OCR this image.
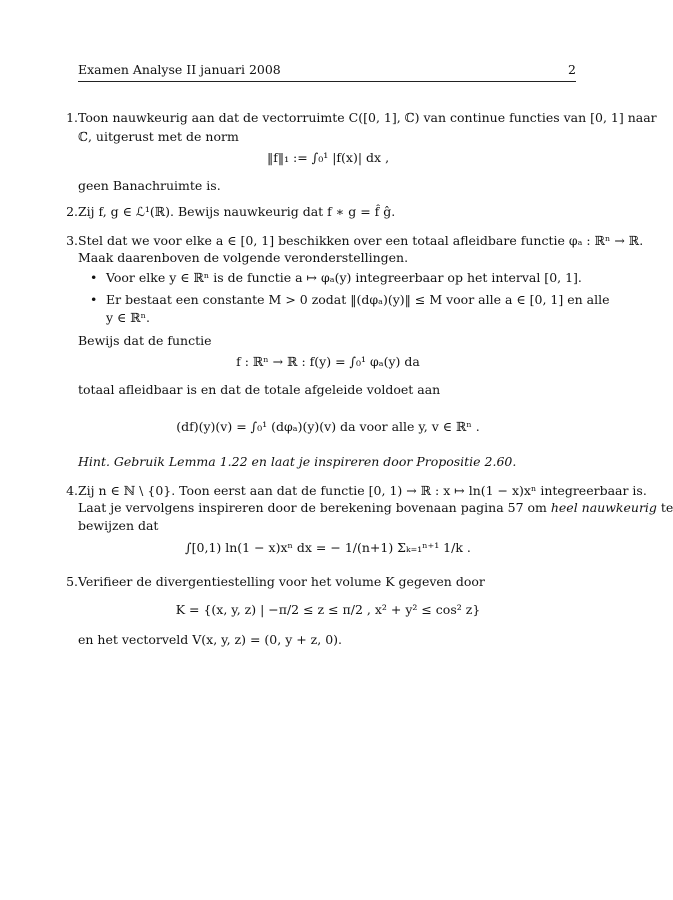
Examen Analyse II januari 2008	2
1. Toon nauwkeurig aan dat de vectorruimte C([0, 1], ℂ) van continue functies van [0, 1] naar
ℂ, uitgerust met de norm
‖f‖₁ := ∫₀¹ |f(x)| dx ,
geen Banachruimte is.
2. Zij f, g ∈ ℒ¹(ℝ). Bewijs nauwkeurig dat f ∗ g = f̂ ĝ.
3. Stel dat we voor elke a ∈ [0, 1] beschikken over een totaal afleidbare functie φₐ : ℝⁿ → ℝ.
Maak daarenboven de volgende veronderstellingen.
• Voor elke y ∈ ℝⁿ is de functie a ↦ φₐ(y) integreerbaar op het interval [0, 1].
• Er bestaat een constante M > 0 zodat ‖(dφₐ)(y)‖ ≤ M voor alle a ∈ [0, 1] en alle
y ∈ ℝⁿ.
Bewijs dat de functie
f : ℝⁿ → ℝ : f(y) = ∫₀¹ φₐ(y) da
totaal afleidbaar is en dat de totale afgeleide voldoet aan
(df)(y)(v) = ∫₀¹ (dφₐ)(y)(v) da voor alle y, v ∈ ℝⁿ .
Hint. Gebruik Lemma 1.22 en laat je inspireren door Propositie 2.60.
4. Zij n ∈ ℕ \ {0}. Toon eerst aan dat de functie [0, 1) → ℝ : x ↦ ln(1 − x)xⁿ integreerbaar is.
Laat je vervolgens inspireren door de berekening bovenaan pagina 57 om heel nauwkeurig te
bewijzen dat
∫[0,1) ln(1 − x)xⁿ dx = − 1/(n+1) Σₖ₌₁ⁿ⁺¹ 1/k .
5. Verifieer de divergentiestelling voor het volume K gegeven door
K = {(x, y, z) | −π/2 ≤ z ≤ π/2 , x² + y² ≤ cos² z}
en het vectorveld V(x, y, z) = (0, y + z, 0).
